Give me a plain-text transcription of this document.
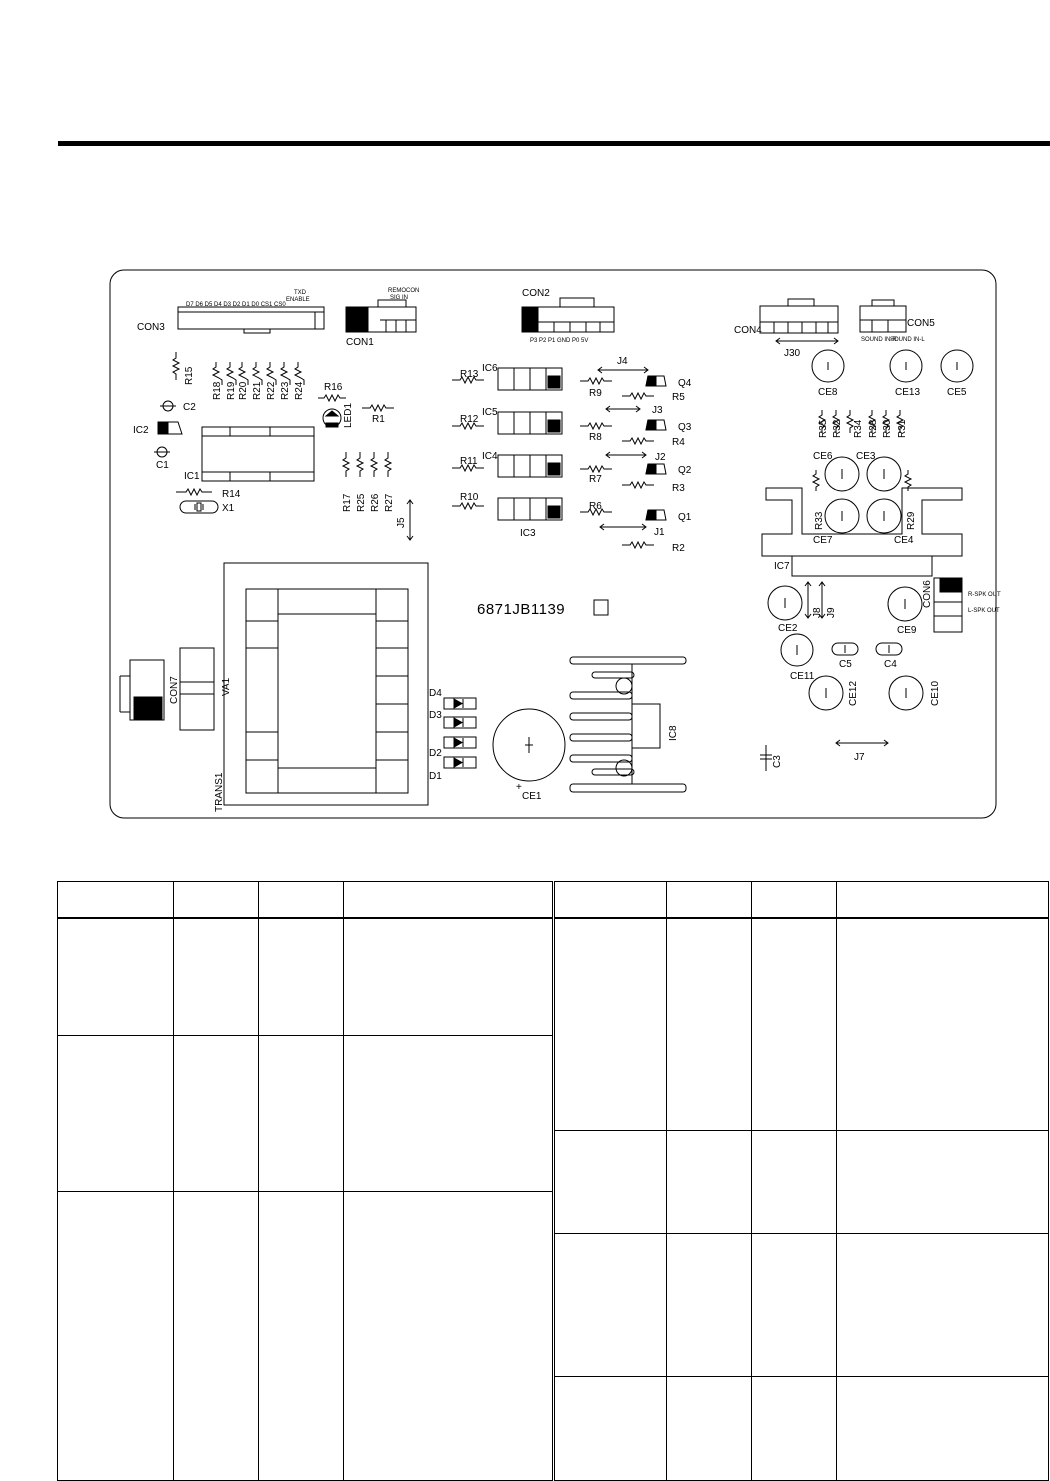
CON3
D7 D6 D5 D4 D3 D2 D1 D0 CS1 CS0
TXD
ENABLE
CON1
REMOCON
SIG IN	CON2
P3 P2 P1 GND P0 5V
CON4
CON5
SOUND IN-R
SOUND IN-L
J30
R15
C2
IC2
C1
IC1
R14
X1
R18 R19 R20 R21 R22 R23 R24 R16
LED1 R1
R17 R25 R26 R27
J5
R13
IC6
R12
IC5
R11 IC4
R10
IC3
R9
R8
R7
R6
J4
J3
J2
J1
R5
R4
R3
R2
Q4
Q3
Q2
Q1
TRANS1
VA1
CON7	D4
D3
D2
D1
+
CE1
6871JB1139
IC8
CE8	CE13	CE5
R35 R32 R34 R28 R30 R31
IC7
CE6 CE3
CE7	CE4
R33	R29
CE2
J8 J9
CE9
CON6	R-SPK OUT
L-SPK OUT
CE11
C5	C4
CE12	CE10
C3	J7
